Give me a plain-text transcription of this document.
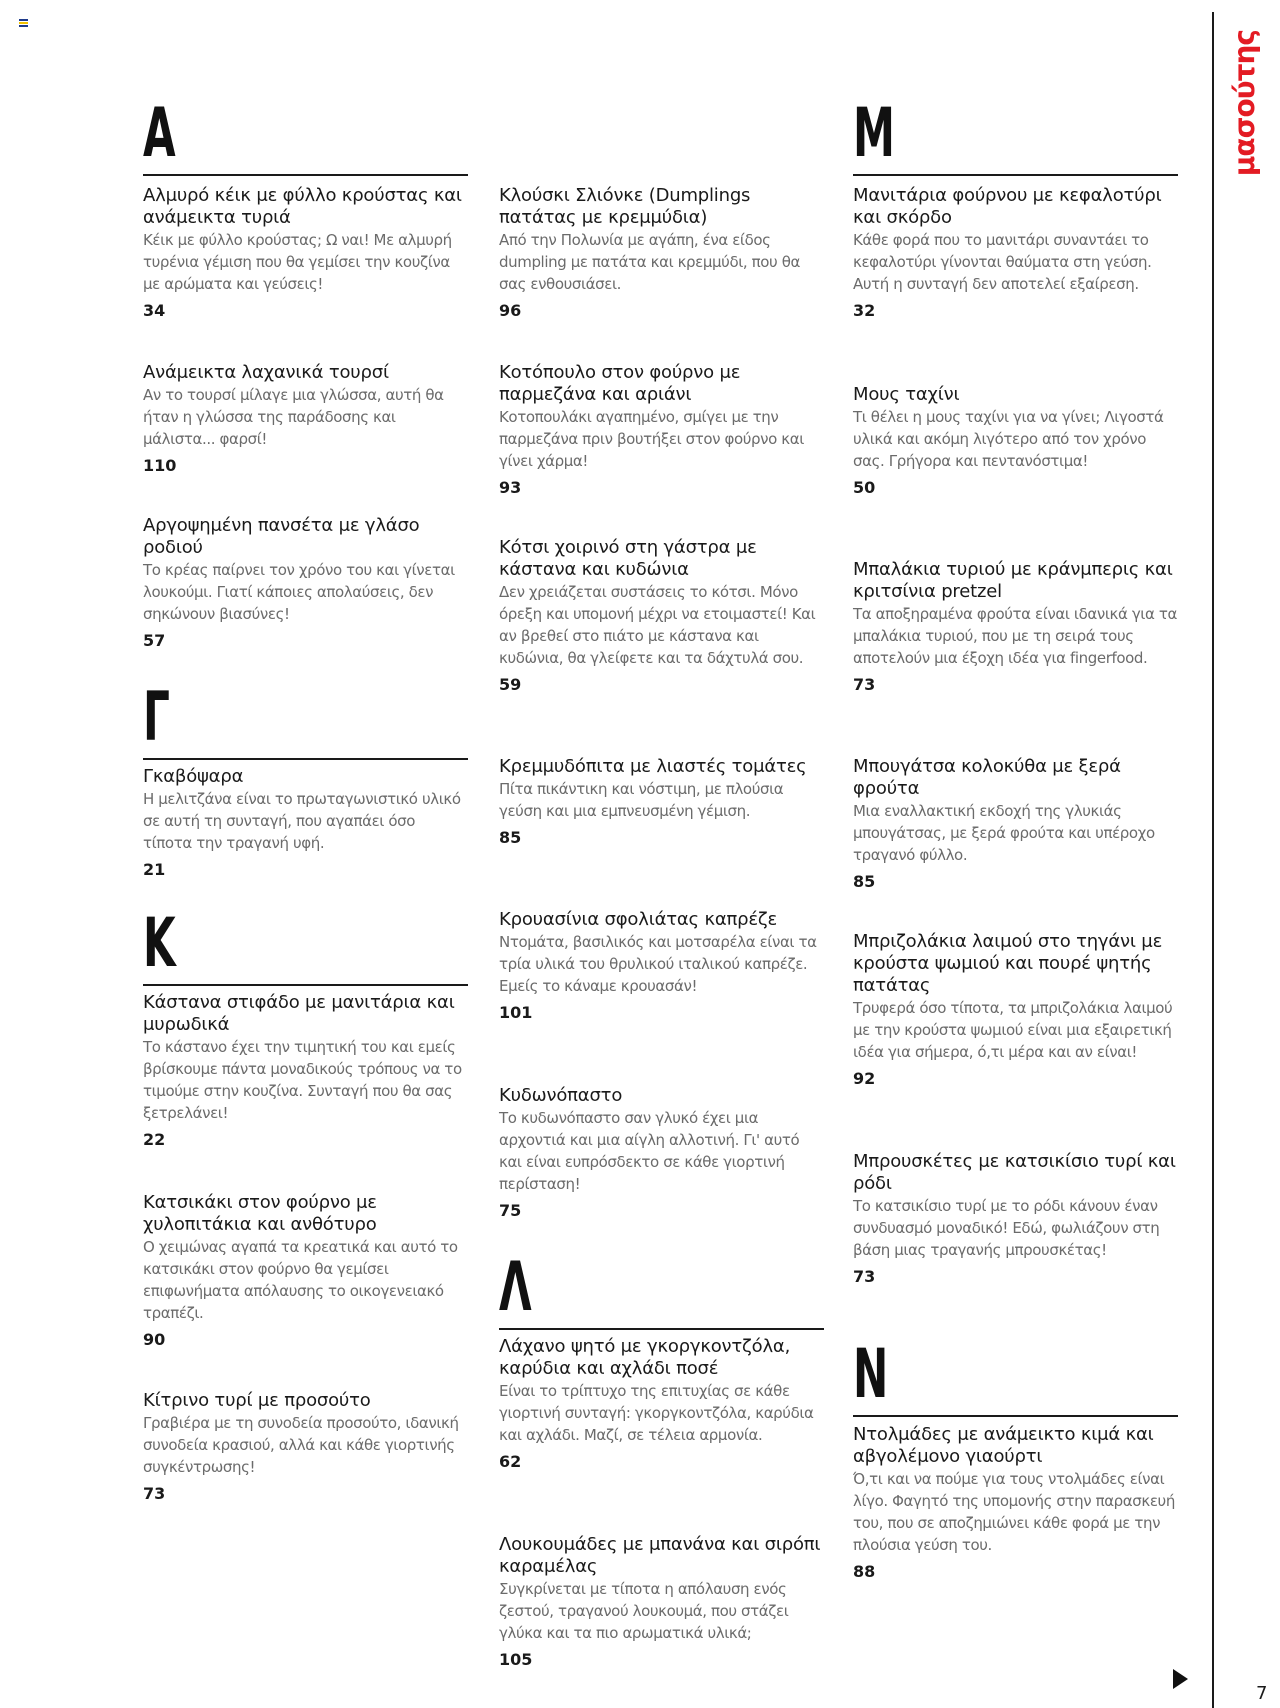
Α

Αλμυρό κέικ με φύλλο κρούστας και ανάμεικτα τυριά

Κέικ με φύλλο κρούστας; Ω ναι! Με αλμυρή τυρένια γέμιση που θα γεμίσει την κουζίνα με αρώματα και γεύσεις!

34

Ανάμεικτα λαχανικά τουρσί

Αν το τουρσί μίλαγε μια γλώσσα, αυτή θα ήταν η γλώσσα της παράδοσης και μάλιστα... φαρσί!

110

Αργοψημένη πανσέτα με γλάσο ροδιού

Το κρέας παίρνει τον χρόνο του και γίνεται λουκούμι. Γιατί κάποιες απολαύσεις, δεν σηκώνουν βιασύνες!

57
Γ

Γκαβόψαρα

Η μελιτζάνα είναι το πρωταγωνιστικό υλικό σε αυτή τη συνταγή, που αγαπάει όσο τίποτα την τραγανή υφή.

21
Κ

Κάστανα στιφάδο με μανιτάρια και μυρωδικά

Το κάστανο έχει την τιμητική του και εμείς βρίσκουμε πάντα μοναδικούς τρόπους να το τιμούμε στην κουζίνα. Συνταγή που θα σας ξετρελάνει!

22

Κατσικάκι στον φούρνο με χυλοπιτάκια και ανθότυρο

Ο χειμώνας αγαπά τα κρεατικά και αυτό το κατσικάκι στον φούρνο θα γεμίσει επιφωνήματα απόλαυσης το οικογενειακό τραπέζι.

90

Κίτρινο τυρί με προσούτο

Γραβιέρα με τη συνοδεία προσούτο, ιδανική συνοδεία κρασιού, αλλά και κάθε γιορτινής συγκέντρωσης!

73

Κλούσκι Σλιόνκε (Dumplings πατάτας με κρεμμύδια)

Από την Πολωνία με αγάπη, ένα είδος dumpling με πατάτα και κρεμμύδι, που θα σας ενθουσιάσει.

96

Κοτόπουλο στον φούρνο με παρμεζάνα και αριάνι

Κοτοπουλάκι αγαπημένο, σμίγει με την παρμεζάνα πριν βουτήξει στον φούρνο και γίνει χάρμα!

93

Κότσι χοιρινό στη γάστρα με κάστανα και κυδώνια

Δεν χρειάζεται συστάσεις το κότσι. Μόνο όρεξη και υπομονή μέχρι να ετοιμαστεί! Και αν βρεθεί στο πιάτο με κάστανα και κυδώνια, θα γλείφετε και τα δάχτυλά σου.

59

Κρεμμυδόπιτα με λιαστές τομάτες

Πίτα πικάντικη και νόστιμη, με πλούσια γεύση και μια εμπνευσμένη γέμιση.

85

Κρουασίνια σφολιάτας καπρέζε

Ντομάτα, βασιλικός και μοτσαρέλα είναι τα τρία υλικά του θρυλικού ιταλικού καπρέζε. Εμείς το κάναμε κρουασάν!

101

Κυδωνόπαστο

Το κυδωνόπαστο σαν γλυκό έχει μια αρχοντιά και μια αίγλη αλλοτινή. Γι' αυτό και είναι ευπρόσδεκτο σε κάθε γιορτινή περίσταση!

75
Λ

Λάχανο ψητό με γκοργκοντζόλα, καρύδια και αχλάδι ποσέ

Είναι το τρίπτυχο της επιτυχίας σε κάθε γιορτινή συνταγή: γκοργκοντζόλα, καρύδια και αχλάδι. Μαζί, σε τέλεια αρμονία.

62

Λουκουμάδες με μπανάνα και σιρόπι καραμέλας

Συγκρίνεται με τίποτα η απόλαυση ενός ζεστού, τραγανού λουκουμά, που στάζει γλύκα και τα πιο αρωματικά υλικά;

105
Μ

Μανιτάρια φούρνου με κεφαλοτύρι και σκόρδο

Κάθε φορά που το μανιτάρι συναντάει το κεφαλοτύρι γίνονται θαύματα στη γεύση. Αυτή η συνταγή δεν αποτελεί εξαίρεση.

32

Μους ταχίνι

Τι θέλει η μους ταχίνι για να γίνει; Λιγοστά υλικά και ακόμη λιγότερο από τον χρόνο σας. Γρήγορα και πεντανόστιμα!

50

Μπαλάκια τυριού με κράνμπερις και κριτσίνια pretzel

Τα αποξηραμένα φρούτα είναι ιδανικά για τα μπαλάκια τυριού, που με τη σειρά τους αποτελούν μια έξοχη ιδέα για fingerfood.

73

Μπουγάτσα κολοκύθα με ξερά φρούτα

Μια εναλλακτική εκδοχή της γλυκιάς μπουγάτσας, με ξερά φρούτα και υπέροχο τραγανό φύλλο.

85

Μπριζολάκια λαιμού στο τηγάνι με κρούστα ψωμιού και πουρέ ψητής πατάτας

Τρυφερά όσο τίποτα, τα μπριζολάκια λαιμού με την κρούστα ψωμιού είναι μια εξαιρετική ιδέα για σήμερα, ό,τι μέρα και αν είναι!

92

Μπρουσκέτες με κατσικίσιο τυρί και ρόδι

Το κατσικίσιο τυρί με το ρόδι κάνουν έναν συνδυασμό μοναδικό! Εδώ, φωλιάζουν στη βάση μιας τραγανής μπρουσκέτας!

73
Ν

Ντολμάδες με ανάμεικτο κιμά και αβγολέμονο γιαούρτι

Ό,τι και να πούμε για τους ντολμάδες είναι λίγο. Φαγητό της υπομονής στην παρασκευή του, που σε αποζημιώνει κάθε φορά με την πλούσια γεύση του.

88
μασούτης
7
